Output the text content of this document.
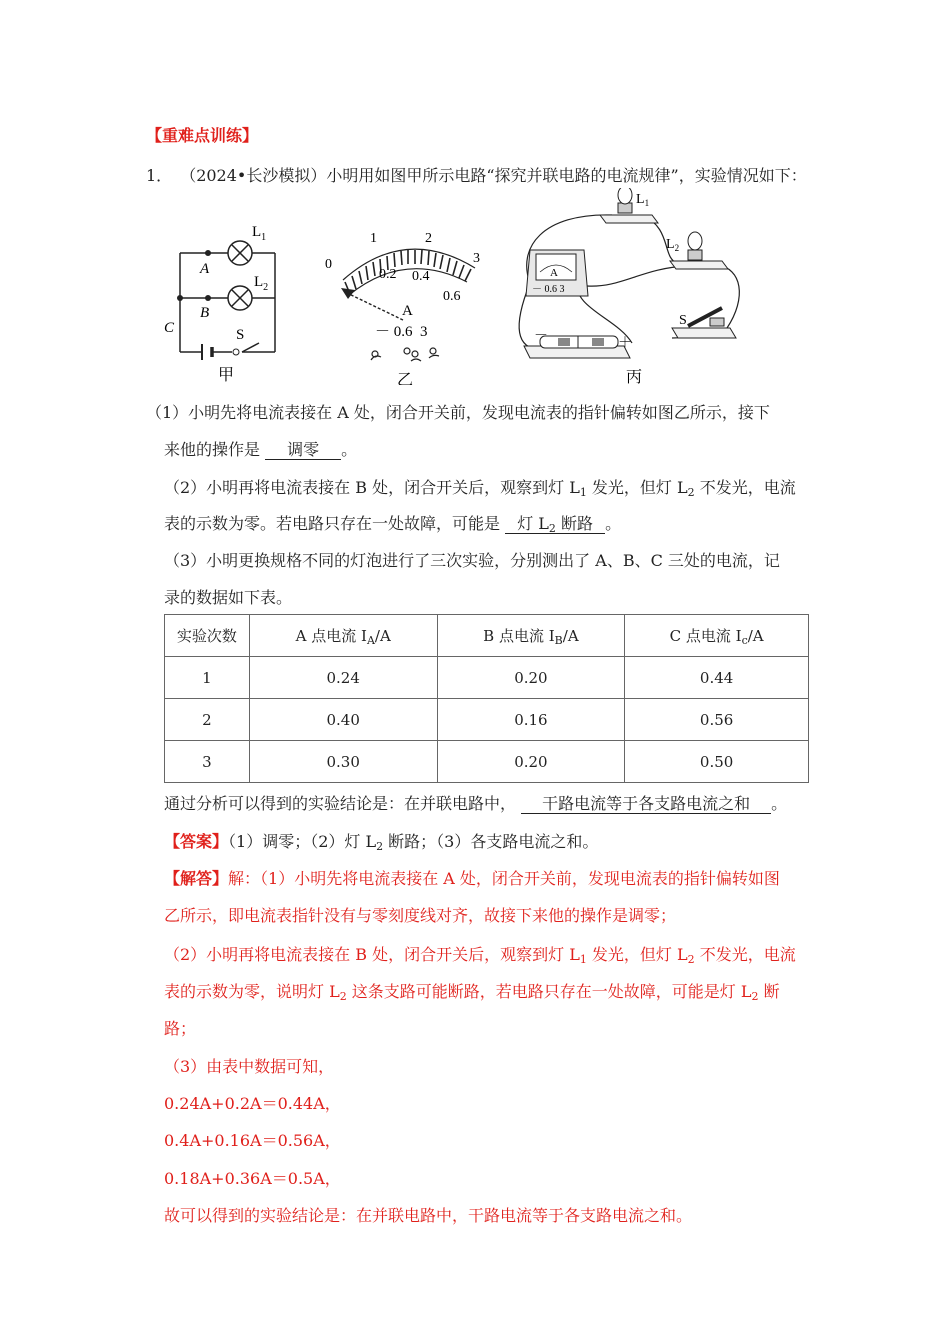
【重难点训练】
1． （2024•长沙模拟）小明用如图甲所示电路“探究并联电路的电流规律”，实验情况如下：
$L_1$
$L_2$
A
B
C	S
甲
0
1	2
3
0.2 0.4
0.6
A
－ 0.6  3
乙
$L_1$
$L_2$
A
－ 0.6 3
－	＋
S
丙
（1）小明先将电流表接在 A 处，闭合开关前，发现电流表的指针偏转如图乙所示，接下
来他的操作是 调零 。
（2）小明再将电流表接在 B 处，闭合开关后，观察到灯 $L_1$ 发光，但灯 $L_2$ 不发光，电流
表的示数为零。若电路只存在一处故障，可能是 灯 $L_2$ 断路 。
（3）小明更换规格不同的灯泡进行了三次实验，分别测出了 A、B、C 三处的电流，记
录的数据如下表。
实验次数	A 点电流 $I_A/A$	B 点电流 $I_B/A$	C 点电流 $I_c/A$
1	0.24	0.20	0.44
2	0.40	0.16	0.56
3	0.30	0.20	0.50
通过分析可以得到的实验结论是：在并联电路中， 干路电流等于各支路电流之和 。
【答案】（1）调零；（2）灯 $L_2$ 断路；（3）各支路电流之和。
【解答】解：（1）小明先将电流表接在 A 处，闭合开关前，发现电流表的指针偏转如图
乙所示，即电流表指针没有与零刻度线对齐，故接下来他的操作是调零；
（2）小明再将电流表接在 B 处，闭合开关后，观察到灯 $L_1$ 发光，但灯 $L_2$ 不发光，电流
表的示数为零，说明灯 $L_2$ 这条支路可能断路，若电路只存在一处故障，可能是灯 $L_2$ 断
路；
（3）由表中数据可知，
0.24A+0.2A＝0.44A，
0.4A+0.16A＝0.56A，
0.18A+0.36A＝0.5A，
故可以得到的实验结论是：在并联电路中，干路电流等于各支路电流之和。
